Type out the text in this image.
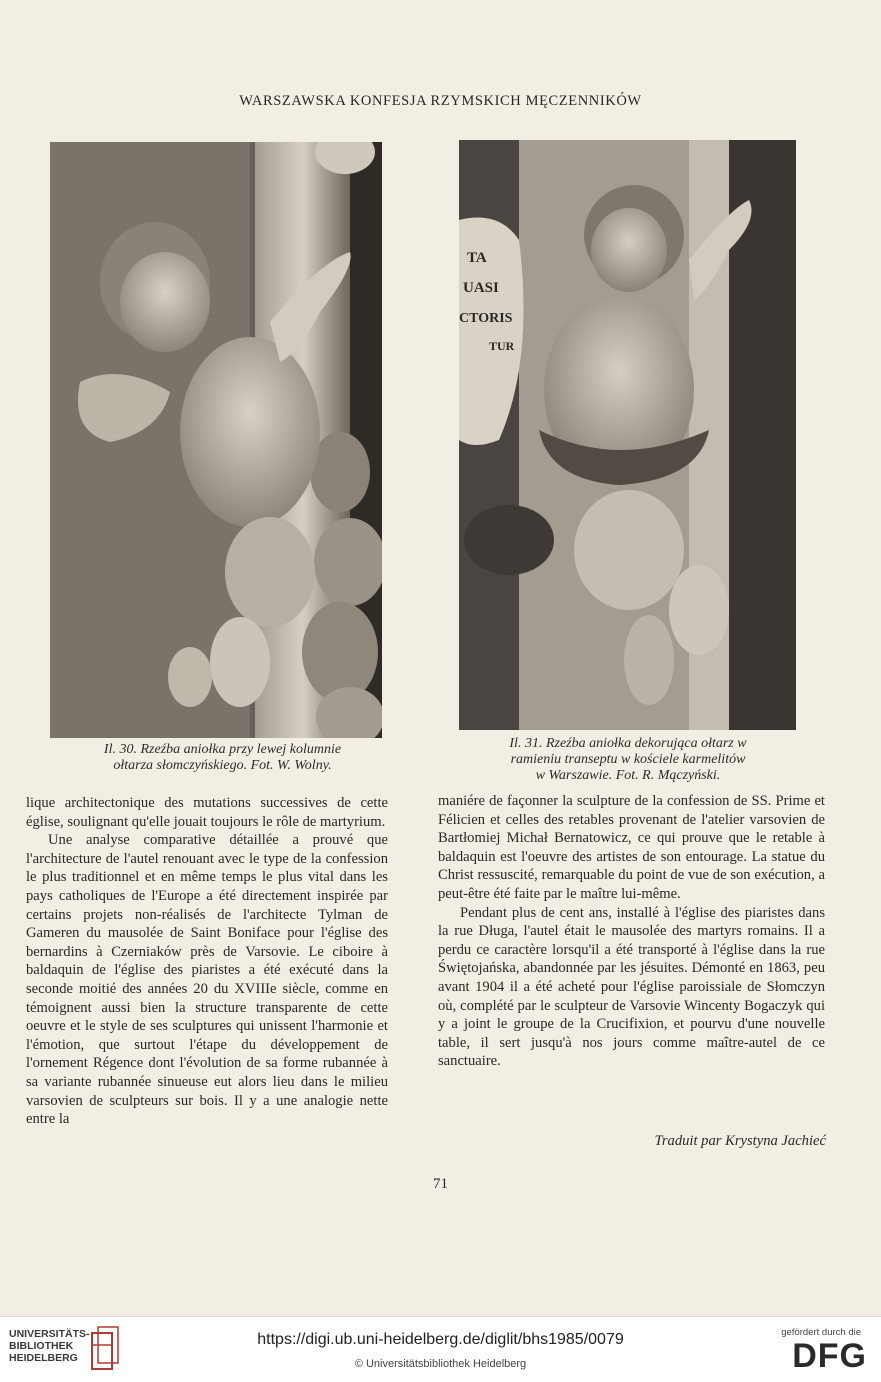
WARSZAWSKA KONFESJA RZYMSKICH MĘCZENNIKÓW
TA
UASI
CTORIS
TUR
Il. 30. Rzeźba aniołka przy lewej kolumnie
ołtarza słomczyńskiego. Fot. W. Wolny.
Il. 31. Rzeźba aniołka dekorująca ołtarz w
ramieniu transeptu w kościele karmelitów
w Warszawie. Fot. R. Mączyński.

lique architectonique des mutations successives de cette église, soulignant qu'elle jouait toujours le rôle de martyrium.

Une analyse comparative détaillée a prouvé que l'architecture de l'autel renouant avec le type de la confession le plus traditionnel et en même temps le plus vital dans les pays catholiques de l'Europe a été directement inspirée par certains projets non-réalisés de l'architecte Tylman de Gameren du mausolée de Saint Boniface pour l'église des bernardins à Czerniaków près de Varsovie. Le ciboire à baldaquin de l'église des piaristes a été exécuté dans la seconde moitié des années 20 du XVIIIe siècle, comme en témoignent aussi bien la structure transparente de cette oeuvre et le style de ses sculptures qui unissent l'harmonie et l'émotion, que surtout l'étape du développement de l'ornement Régence dont l'évolution de sa forme rubannée à sa variante rubannée sinueuse eut alors lieu dans le milieu varsovien de sculpteurs sur bois. Il y a une analogie nette entre la

maniére de façonner la sculpture de la confession de SS. Prime et Félicien et celles des retables provenant de l'atelier varsovien de Bartłomiej Michał Bernatowicz, ce qui prouve que le retable à baldaquin est l'oeuvre des artistes de son entourage. La statue du Christ ressuscité, remarquable du point de vue de son exécution, a peut-être été faite par le maître lui-même.

Pendant plus de cent ans, installé à l'église des piaristes dans la rue Długa, l'autel était le mausolée des martyrs romains. Il a perdu ce caractère lorsqu'il a été transporté à l'église dans la rue Świętojańska, abandonnée par les jésuites. Démonté en 1863, peu avant 1904 il a été acheté pour l'église paroissiale de Słomczyn où, complété par le sculpteur de Varsovie Wincenty Bogaczyk qui y a joint le groupe de la Crucifixion, et pourvu d'une nouvelle table, il sert jusqu'à nos jours comme maître-autel de ce sanctuaire.

Traduit par Krystyna Jachieć
71
UNIVERSITÄTS-
BIBLIOTHEK
HEIDELBERG
https://digi.ub.uni-heidelberg.de/diglit/bhs1985/0079
© Universitätsbibliothek Heidelberg
gefördert durch die
DFG
